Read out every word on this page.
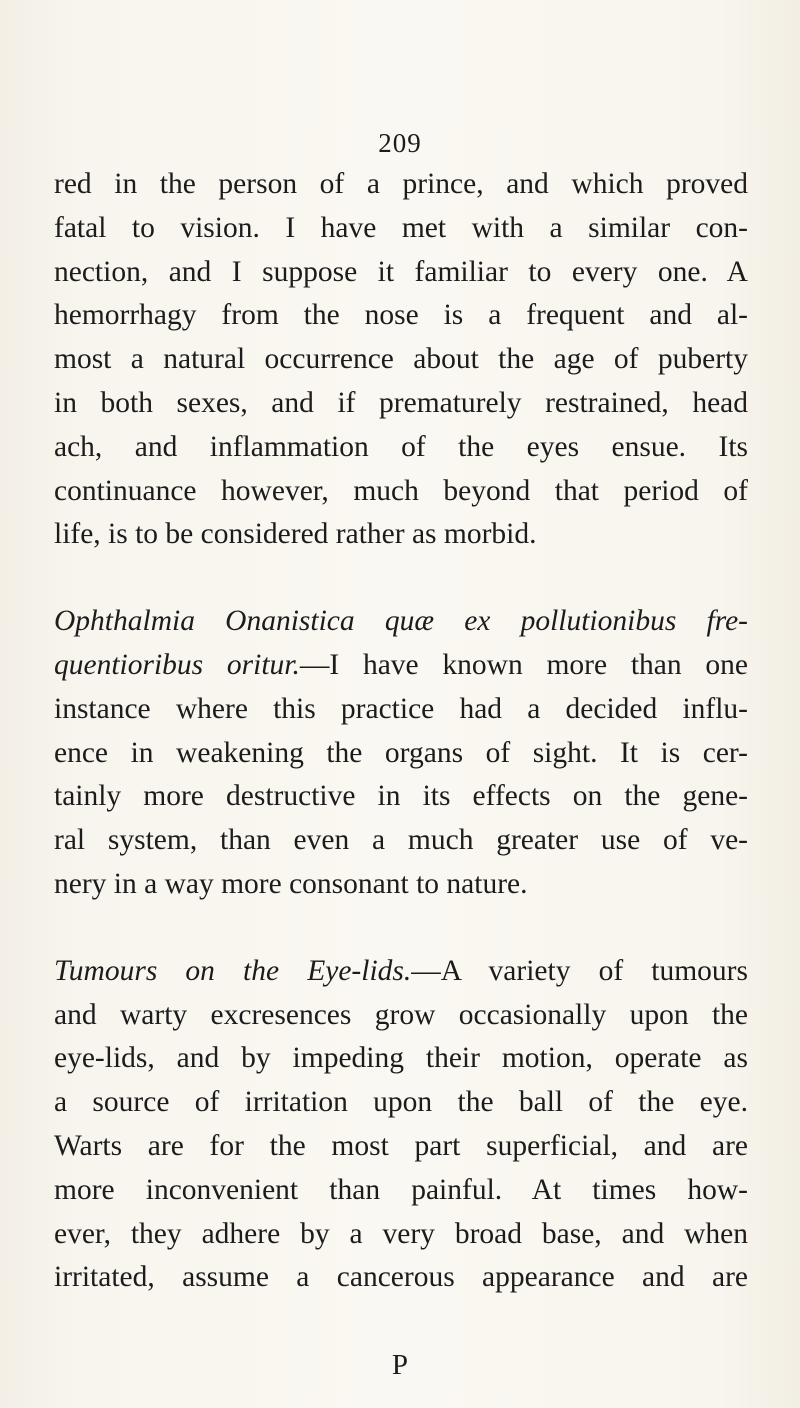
209
red in the person of a prince, and which proved
fatal to vision. I have met with a similar con-
nection, and I suppose it familiar to every one. A
hemorrhagy from the nose is a frequent and al-
most a natural occurrence about the age of puberty
in both sexes, and if prematurely restrained, head
ach, and inflammation of the eyes ensue. Its
continuance however, much beyond that period of
life, is to be considered rather as morbid.
Ophthalmia Onanistica quæ ex pollutionibus fre-
quentioribus oritur.—I have known more than one
instance where this practice had a decided influ-
ence in weakening the organs of sight. It is cer-
tainly more destructive in its effects on the gene-
ral system, than even a much greater use of ve-
nery in a way more consonant to nature.
Tumours on the Eye-lids.—A variety of tumours
and warty excresences grow occasionally upon the
eye-lids, and by impeding their motion, operate as
a source of irritation upon the ball of the eye.
Warts are for the most part superficial, and are
more inconvenient than painful. At times how-
ever, they adhere by a very broad base, and when
irritated, assume a cancerous appearance and are
P
